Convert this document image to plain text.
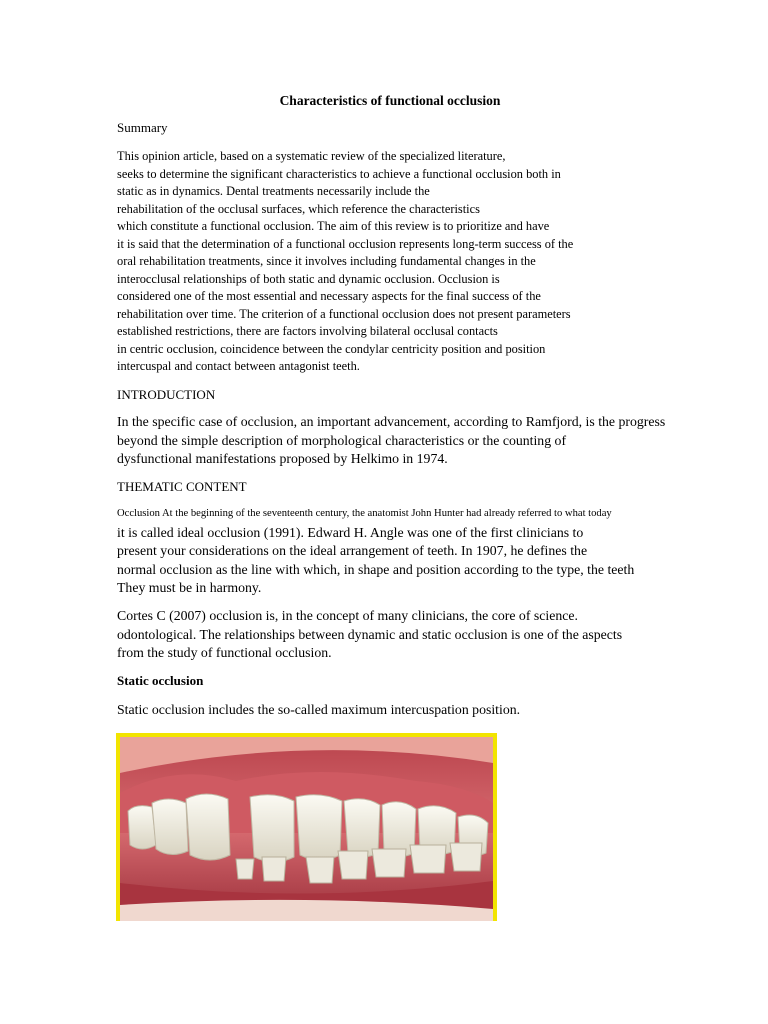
Characteristics of functional occlusion
Summary
This opinion article, based on a systematic review of the specialized literature,
seeks to determine the significant characteristics to achieve a functional occlusion both in
static as in dynamics. Dental treatments necessarily include the
rehabilitation of the occlusal surfaces, which reference the characteristics
which constitute a functional occlusion. The aim of this review is to prioritize and have
it is said that the determination of a functional occlusion represents long-term success of the
oral rehabilitation treatments, since it involves including fundamental changes in the
interocclusal relationships of both static and dynamic occlusion. Occlusion is
considered one of the most essential and necessary aspects for the final success of the
rehabilitation over time. The criterion of a functional occlusion does not present parameters
established restrictions, there are factors involving bilateral occlusal contacts
in centric occlusion, coincidence between the condylar centricity position and position
intercuspal and contact between antagonist teeth.
INTRODUCTION
In the specific case of occlusion, an important advancement, according to Ramfjord, is the progress
beyond the simple description of morphological characteristics or the counting of
dysfunctional manifestations proposed by Helkimo in 1974.
THEMATIC CONTENT
Occlusion At the beginning of the seventeenth century, the anatomist John Hunter had already referred to what today
it is called ideal occlusion (1991). Edward H. Angle was one of the first clinicians to
present your considerations on the ideal arrangement of teeth. In 1907, he defines the
normal occlusion as the line with which, in shape and position according to the type, the teeth
They must be in harmony.
Cortes C (2007) occlusion is, in the concept of many clinicians, the core of science.
odontological. The relationships between dynamic and static occlusion is one of the aspects
from the study of functional occlusion.
Static occlusion
Static occlusion includes the so-called maximum intercuspation position.
